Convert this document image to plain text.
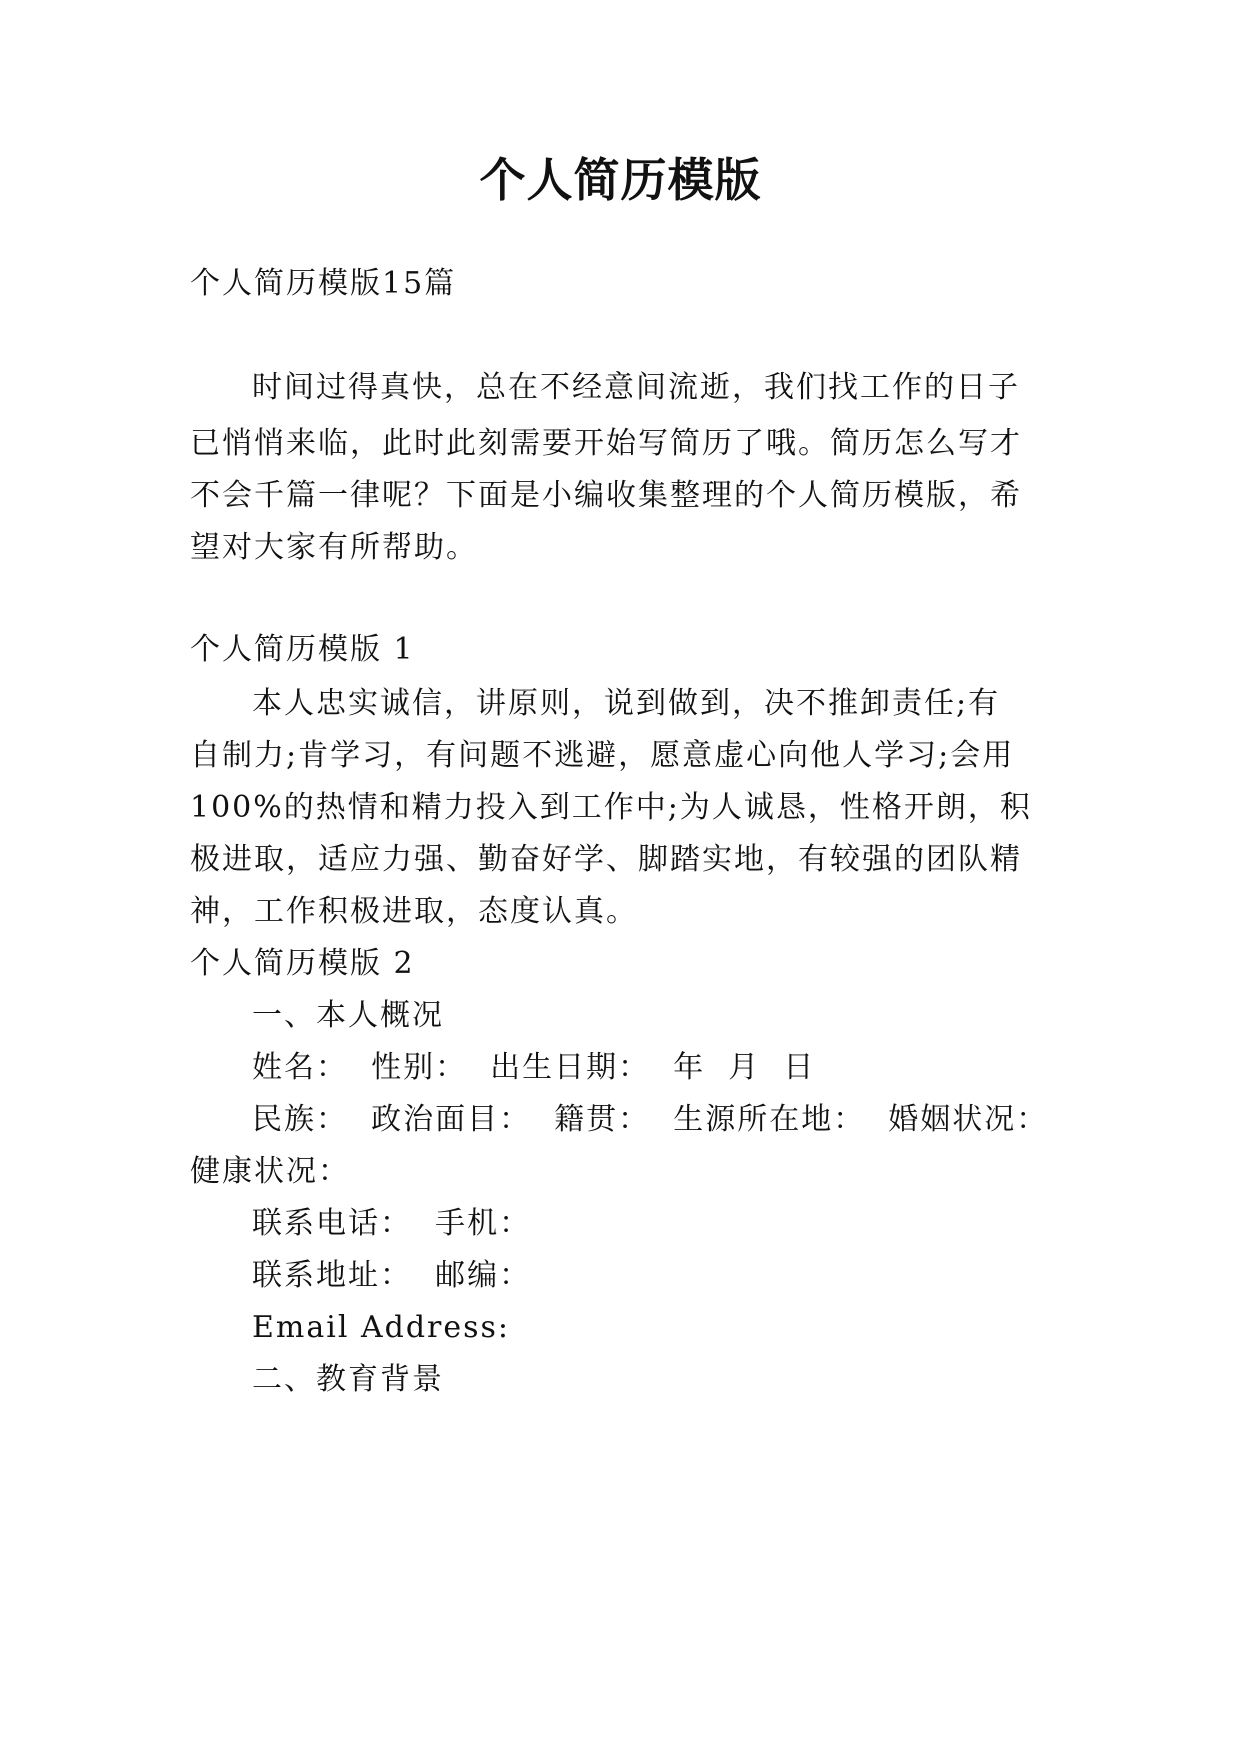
个人简历模版
个人简历模版15篇
时间过得真快，总在不经意间流逝，我们找工作的日子
已悄悄来临，此时此刻需要开始写简历了哦。简历怎么写才
不会千篇一律呢？下面是小编收集整理的个人简历模版，希
望对大家有所帮助。
个人简历模版 1
本人忠实诚信，讲原则，说到做到，决不推卸责任;有
自制力;肯学习，有问题不逃避，愿意虚心向他人学习;会用
100%的热情和精力投入到工作中;为人诚恳，性格开朗，积
极进取，适应力强、勤奋好学、脚踏实地，有较强的团队精
神，工作积极进取，态度认真。
个人简历模版 2
一、本人概况
姓名：  性别：  出生日期：  年  月  日
民族：  政治面目：  籍贯：  生源所在地：  婚姻状况：
健康状况：
联系电话：  手机：
联系地址：  邮编：
Email Address:
二、教育背景
